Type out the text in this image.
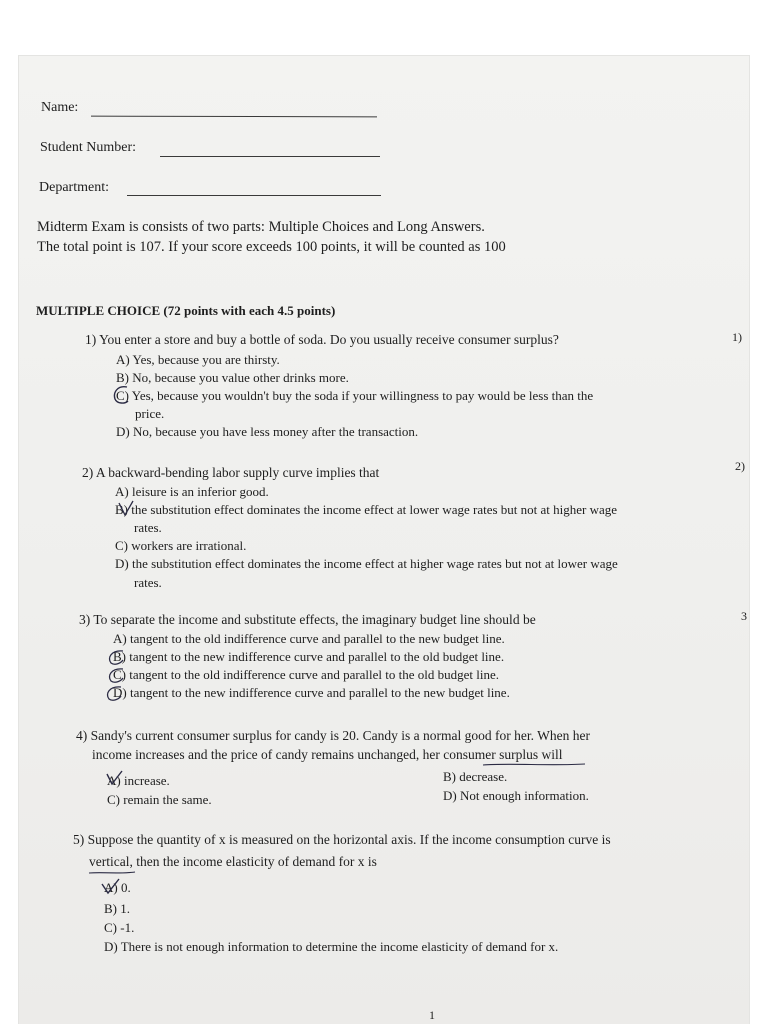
Name:
Student Number:
Department:
Midterm Exam is consists of two parts: Multiple Choices and Long Answers.
The total point is 107. If your score exceeds 100 points, it will be counted as 100
MULTIPLE CHOICE (72 points with each 4.5 points)
1) You enter a store and buy a bottle of soda. Do you usually receive consumer surplus?	1)
A) Yes, because you are thirsty.
B) No, because you value other drinks more.
C) Yes, because you wouldn't buy the soda if your willingness to pay would be less than the
price.
D) No, because you have less money after the transaction.
2) A backward-bending labor supply curve implies that	2)
A) leisure is an inferior good.
B) the substitution effect dominates the income effect at lower wage rates but not at higher wage
rates.
C) workers are irrational.
D) the substitution effect dominates the income effect at higher wage rates but not at lower wage
rates.
3) To separate the income and substitute effects, the imaginary budget line should be	3
A) tangent to the old indifference curve and parallel to the new budget line.
B) tangent to the new indifference curve and parallel to the old budget line.
C) tangent to the old indifference curve and parallel to the old budget line.
D) tangent to the new indifference curve and parallel to the new budget line.
4) Sandy's current consumer surplus for candy is 20. Candy is a normal good for her. When her
income increases and the price of candy remains unchanged, her consumer surplus will
A) increase.	B) decrease.
C) remain the same.	D) Not enough information.
5) Suppose the quantity of x is measured on the horizontal axis. If the income consumption curve is
vertical, then the income elasticity of demand for x is
A) 0.
B) 1.
C) -1.
D) There is not enough information to determine the income elasticity of demand for x.
1
